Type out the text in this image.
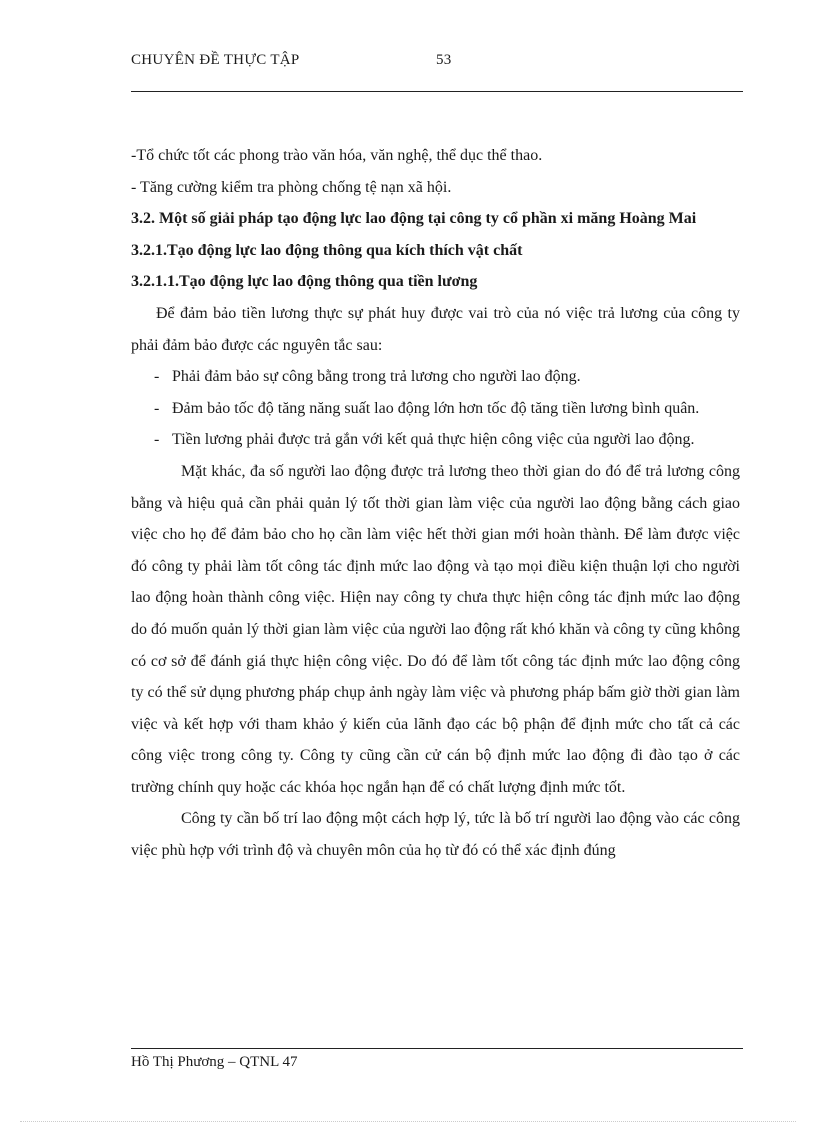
CHUYÊN ĐỀ THỰC TẬP	53

-Tổ chức tốt các phong trào văn hóa, văn nghệ, thể dục thể thao.

- Tăng cường kiểm tra phòng chống tệ nạn xã hội.

3.2. Một số giải pháp tạo động lực lao động tại công ty cổ phần xi măng Hoàng Mai

3.2.1.Tạo động lực lao động thông qua kích thích vật chất

3.2.1.1.Tạo động lực lao động thông qua tiền lương

Để đảm bảo tiền lương thực sự phát huy được vai trò của nó việc trả lương của công ty phải đảm bảo được các nguyên tắc sau:

- Phải đảm bảo sự công bằng trong trả lương cho người lao động.
- Đảm bảo tốc độ tăng năng suất lao động lớn hơn tốc độ tăng tiền lương bình quân.
- Tiền lương phải được trả gắn với kết quả thực hiện công việc của người lao động.

Mặt khác, đa số người lao động được trả lương theo thời gian do đó để trả lương công bằng và hiệu quả cần phải quản lý tốt thời gian làm việc của người lao động bằng cách giao việc cho họ để đảm bảo cho họ cần làm việc hết thời gian mới hoàn thành. Để làm được việc đó công ty phải làm tốt công tác định mức lao động và tạo mọi điều kiện thuận lợi cho người lao động hoàn thành công việc. Hiện nay công ty chưa thực hiện công tác định mức lao động do đó muốn quản lý thời gian làm việc của người lao động rất khó khăn và công ty cũng không có cơ sở để đánh giá thực hiện công việc. Do đó để làm tốt công tác định mức lao động công ty có thể sử dụng phương pháp chụp ảnh ngày làm việc và phương pháp bấm giờ thời gian làm việc và kết hợp với tham khảo ý kiến của lãnh đạo các bộ phận để định mức cho tất cả các công việc trong công ty. Công ty cũng cần cử cán bộ định mức lao động đi đào tạo ở các trường chính quy hoặc các khóa học ngắn hạn để có chất lượng định mức tốt.

Công ty cần bố trí lao động một cách hợp lý, tức là bố trí người lao động vào các công việc phù hợp với trình độ và chuyên môn của họ từ đó có thể xác định đúng

Hồ Thị Phương – QTNL 47
